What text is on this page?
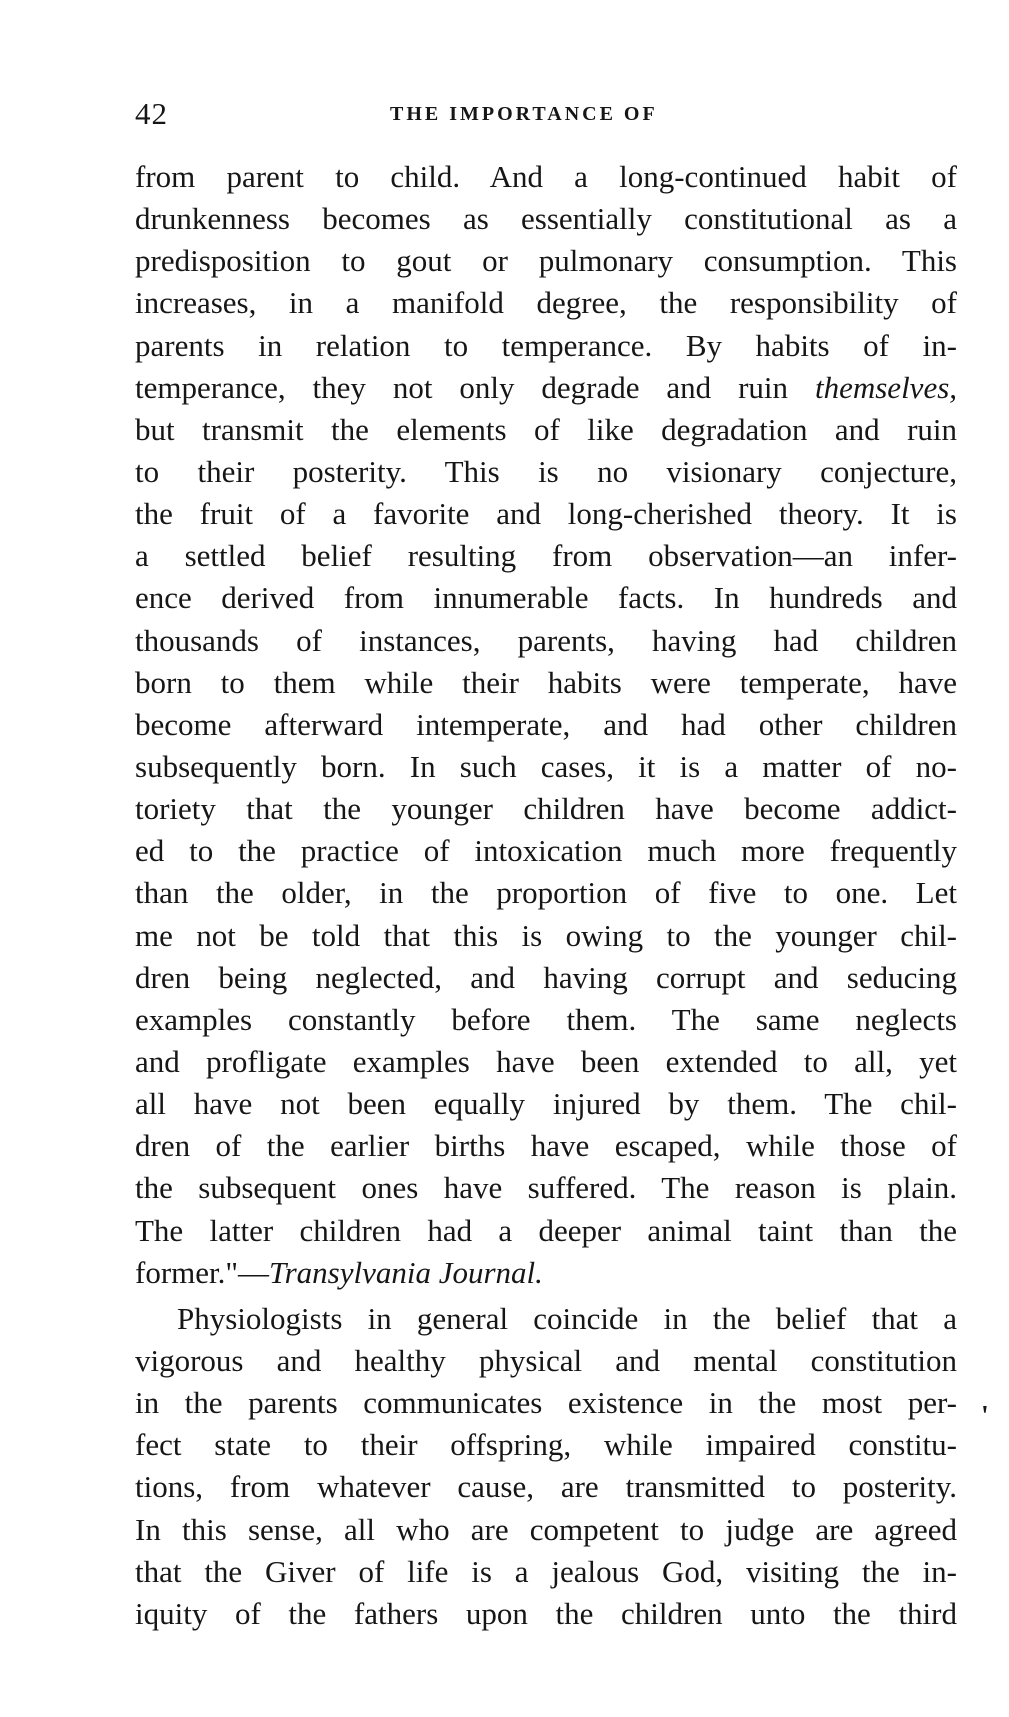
42	THE IMPORTANCE OF
from parent to child. And a long-continued habit of
drunkenness becomes as essentially constitutional as a
predisposition to gout or pulmonary consumption. This
increases, in a manifold degree, the responsibility of
parents in relation to temperance. By habits of in-
temperance, they not only degrade and ruin themselves,
but transmit the elements of like degradation and ruin
to their posterity. This is no visionary conjecture,
the fruit of a favorite and long-cherished theory. It is
a settled belief resulting from observation—an infer-
ence derived from innumerable facts. In hundreds and
thousands of instances, parents, having had children
born to them while their habits were temperate, have
become afterward intemperate, and had other children
subsequently born. In such cases, it is a matter of no-
toriety that the younger children have become addict-
ed to the practice of intoxication much more frequently
than the older, in the proportion of five to one. Let
me not be told that this is owing to the younger chil-
dren being neglected, and having corrupt and seducing
examples constantly before them. The same neglects
and profligate examples have been extended to all, yet
all have not been equally injured by them. The chil-
dren of the earlier births have escaped, while those of
the subsequent ones have suffered. The reason is plain.
The latter children had a deeper animal taint than the
former."—Transylvania Journal.
Physiologists in general coincide in the belief that a
vigorous and healthy physical and mental constitution
in the parents communicates existence in the most per-
fect state to their offspring, while impaired constitu-
tions, from whatever cause, are transmitted to posterity.
In this sense, all who are competent to judge are agreed
that the Giver of life is a jealous God, visiting the in-
iquity of the fathers upon the children unto the third
'
